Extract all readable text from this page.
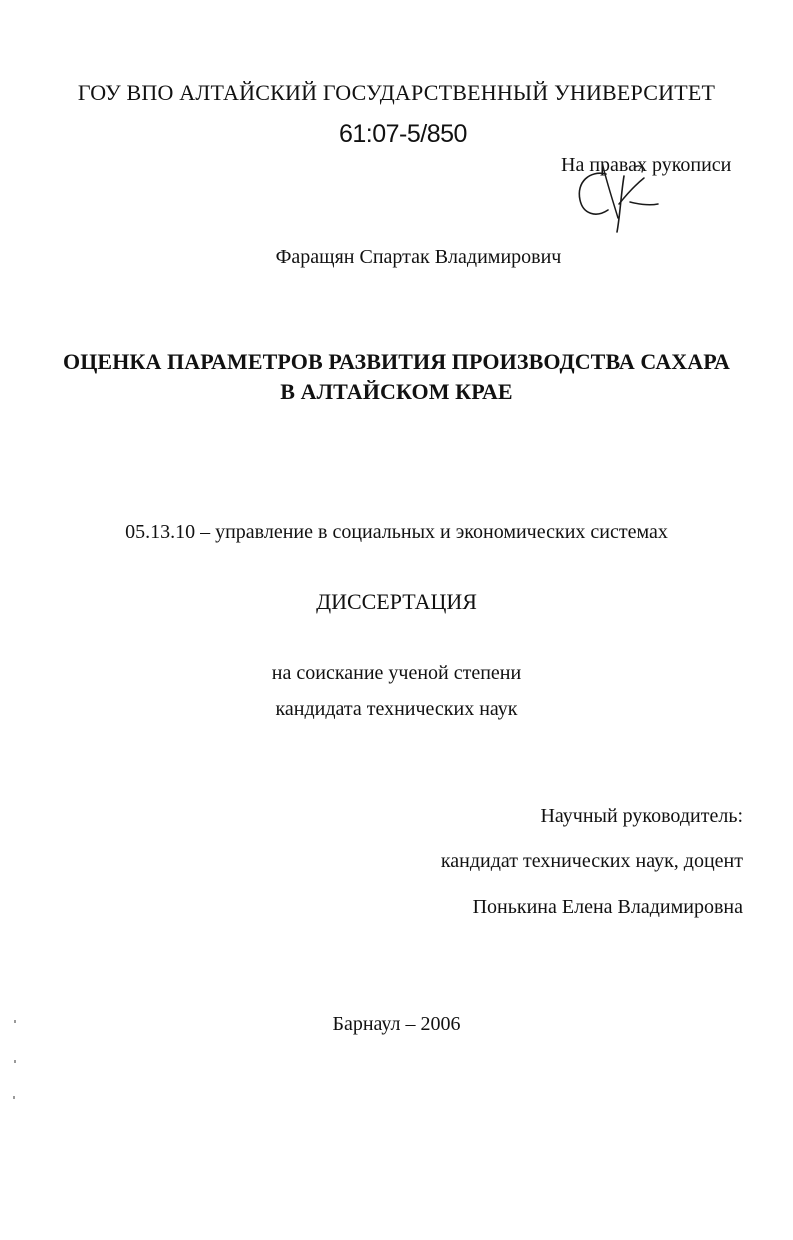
ГОУ ВПО АЛТАЙСКИЙ ГОСУДАРСТВЕННЫЙ УНИВЕРСИТЕТ
61:07-5/850
На правах рукописи
Фаращян Спартак Владимирович
ОЦЕНКА ПАРАМЕТРОВ РАЗВИТИЯ ПРОИЗВОДСТВА САХАРА
В АЛТАЙСКОМ КРАЕ
05.13.10 – управление в социальных и экономических системах
ДИССЕРТАЦИЯ
на соискание ученой степени
кандидата технических наук
Научный руководитель:
кандидат технических наук, доцент
Понькина Елена Владимировна
Барнаул – 2006
